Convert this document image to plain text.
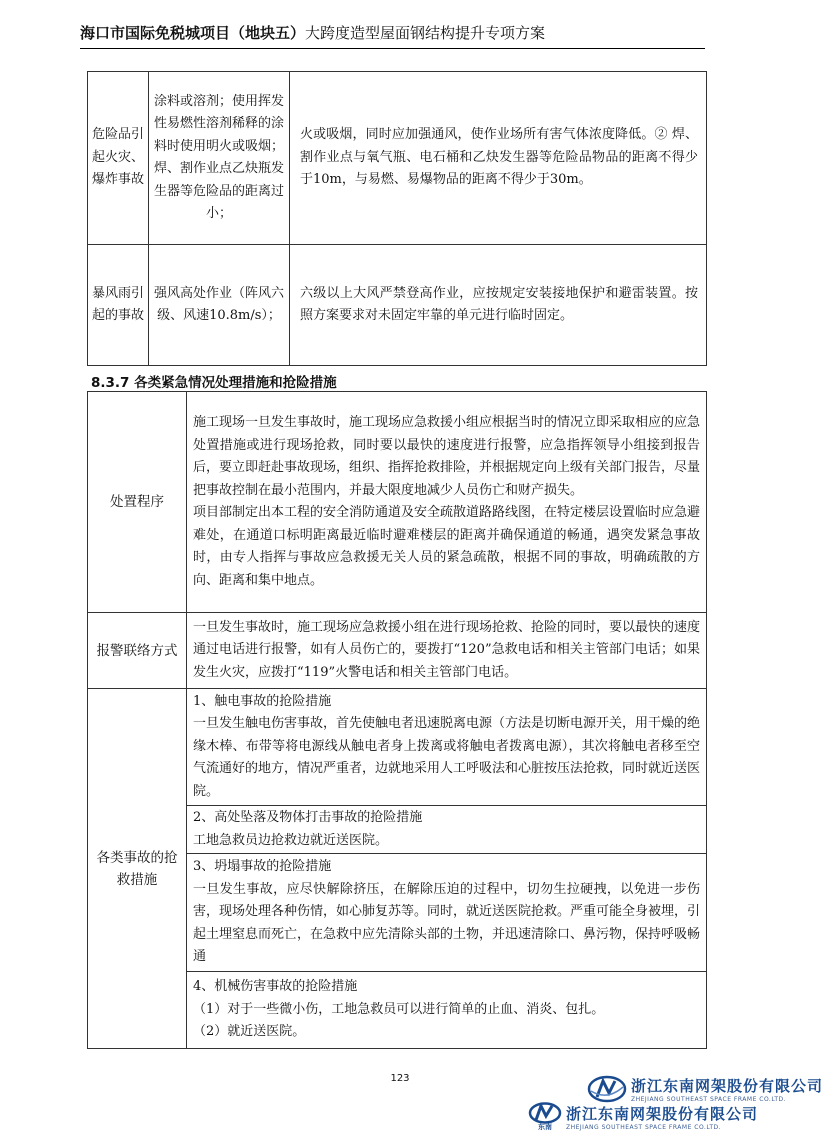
海口市国际免税城项目（地块五）大跨度造型屋面钢结构提升专项方案
危险品引起火灾、爆炸事故	涂料或溶剂；使用挥发性易燃性溶剂稀释的涂料时使用明火或吸烟；焊、割作业点乙炔瓶发生器等危险品的距离过小；	火或吸烟，同时应加强通风，使作业场所有害气体浓度降低。② 焊、割作业点与氧气瓶、电石桶和乙炔发生器等危险品物品的距离不得少于10m，与易燃、易爆物品的距离不得少于30m。
暴风雨引起的事故	强风高处作业（阵风六级、风速10.8m/s）；	六级以上大风严禁登高作业，应按规定安装接地保护和避雷装置。按照方案要求对未固定牢靠的单元进行临时固定。
8.3.7 各类紧急情况处理措施和抢险措施
处置程序	施工现场一旦发生事故时，施工现场应急救援小组应根据当时的情况立即采取相应的应急处置措施或进行现场抢救，同时要以最快的速度进行报警，应急指挥领导小组接到报告后，要立即赶赴事故现场，组织、指挥抢救排险，并根据规定向上级有关部门报告，尽量把事故控制在最小范围内，并最大限度地减少人员伤亡和财产损失。

项目部制定出本工程的安全消防通道及安全疏散道路路线图，在特定楼层设置临时应急避难处，在通道口标明距离最近临时避难楼层的距离并确保通道的畅通，遇突发紧急事故时，由专人指挥与事故应急救援无关人员的紧急疏散，根据不同的事故，明确疏散的方向、距离和集中地点。

报警联络方式	一旦发生事故时，施工现场应急救援小组在进行现场抢救、抢险的同时，要以最快的速度通过电话进行报警，如有人员伤亡的，要拨打“120”急救电话和相关主管部门电话；如果发生火灾，应拨打“119”火警电话和相关主管部门电话。
各类事故的抢救措施	1、触电事故的抢险措施

一旦发生触电伤害事故，首先使触电者迅速脱离电源（方法是切断电源开关，用干燥的绝缘木棒、布带等将电源线从触电者身上拨离或将触电者拨离电源），其次将触电者移至空气流通好的地方，情况严重者，边就地采用人工呼吸法和心脏按压法抢救，同时就近送医院。

	2、高处坠落及物体打击事故的抢险措施

工地急救员边抢救边就近送医院。

	3、坍塌事故的抢险措施

一旦发生事故，应尽快解除挤压，在解除压迫的过程中，切勿生拉硬拽，以免进一步伤害，现场处理各种伤情，如心肺复苏等。同时，就近送医院抢救。严重可能全身被埋，引起土埋窒息而死亡，在急救中应先清除头部的土物，并迅速清除口、鼻污物，保持呼吸畅通

	4、机械伤害事故的抢险措施

（1）对于一些微小伤，工地急救员可以进行简单的止血、消炎、包扎。

（2）就近送医院。

123	浙江东南网架股份有限公司
ZHEJIANG SOUTHEAST SPACE FRAME CO.LTD.
东南
浙江东南网架股份有限公司
ZHEJIANG SOUTHEAST SPACE FRAME CO.LTD.
